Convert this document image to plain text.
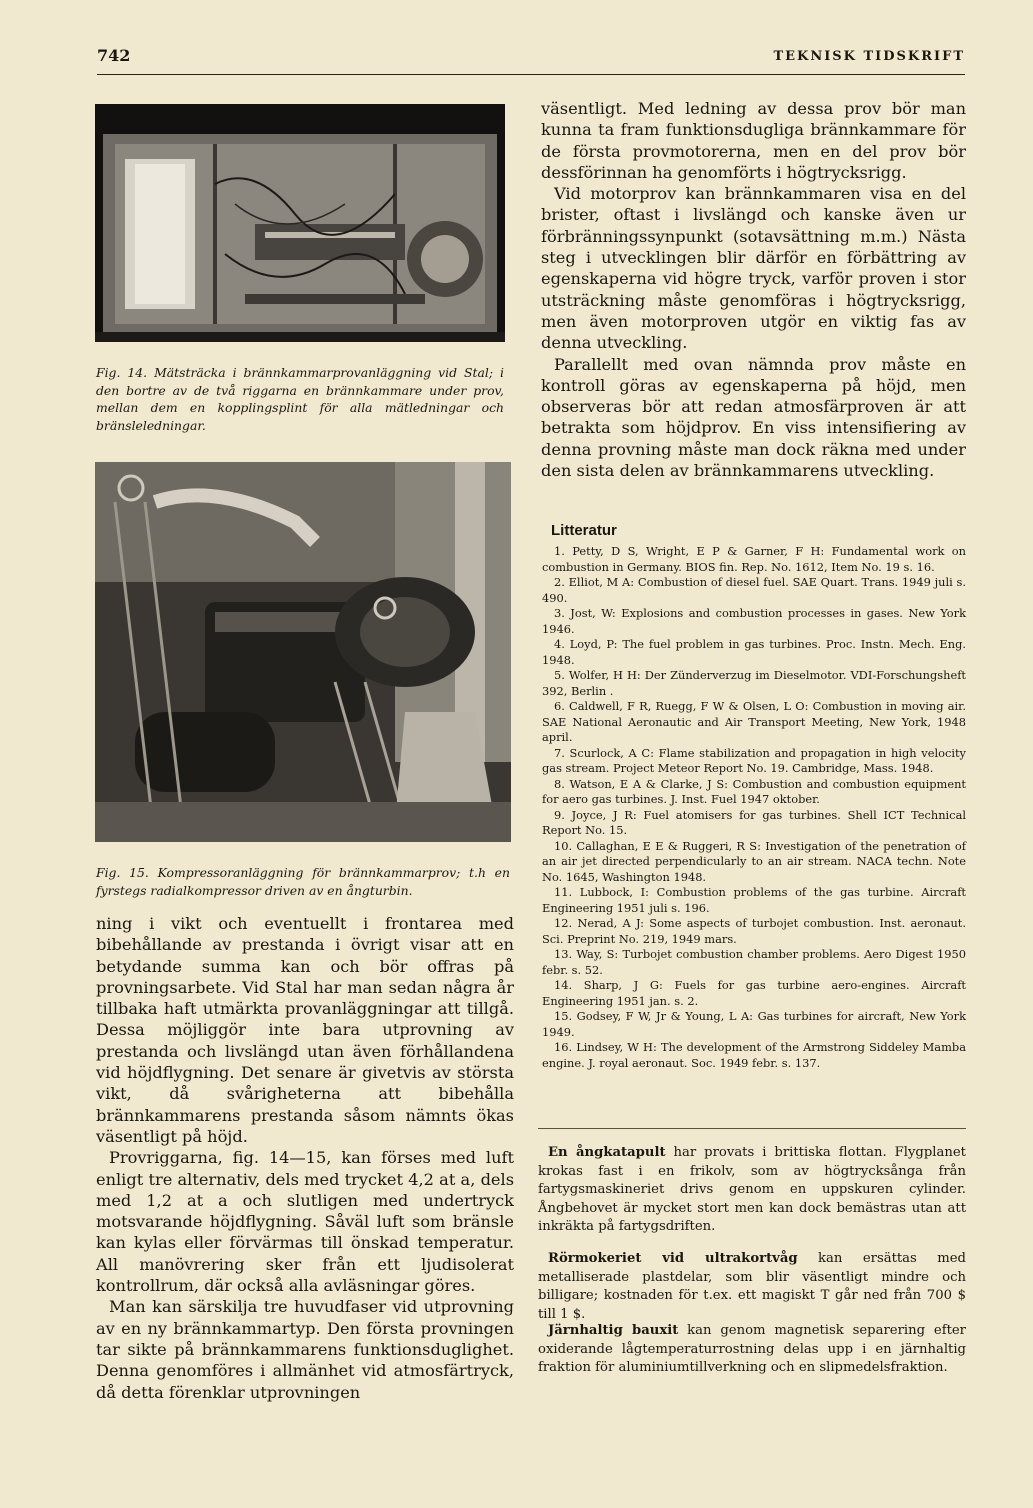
742	TEKNISK TIDSKRIFT
Fig. 14. Mätsträcka i brännkammarprovanläggning vid Stal; i den bortre av de två riggarna en brännkammare under prov, mellan dem en kopplingsplint för alla mätledningar och bränsleledningar.
Fig. 15. Kompressoranläggning för brännkammarprov; t.h en fyrstegs radialkompressor driven av en ångturbin.

ning i vikt och eventuellt i frontarea med bibehållande av prestanda i övrigt visar att en betydande summa kan och bör offras på provningsarbete. Vid Stal har man sedan några år tillbaka haft utmärkta provanläggningar att tillgå. Dessa möjliggör inte bara utprovning av prestanda och livslängd utan även förhållandena vid höjdflygning. Det senare är givetvis av största vikt, då svårigheterna att bibehålla brännkammarens prestanda såsom nämnts ökas väsentligt på höjd.

Provriggarna, fig. 14—15, kan förses med luft enligt tre alternativ, dels med trycket 4,2 at a, dels med 1,2 at a och slutligen med undertryck motsvarande höjdflygning. Såväl luft som bränsle kan kylas eller förvärmas till önskad temperatur. All manövrering sker från ett ljudisolerat kontrollrum, där också alla avläsningar göres.

Man kan särskilja tre huvudfaser vid utprovning av en ny brännkammartyp. Den första provningen tar sikte på brännkammarens funktionsduglighet. Denna genomföres i allmänhet vid atmosfärtryck, då detta förenklar utprovningen

väsentligt. Med ledning av dessa prov bör man kunna ta fram funktionsdugliga brännkammare för de första provmotorerna, men en del prov bör dessförinnan ha genomförts i högtrycksrigg.

Vid motorprov kan brännkammaren visa en del brister, oftast i livslängd och kanske även ur förbränningssynpunkt (sotavsättning m.m.) Nästa steg i utvecklingen blir därför en förbättring av egenskaperna vid högre tryck, varför proven i stor utsträckning måste genomföras i högtrycksrigg, men även motorproven utgör en viktig fas av denna utveckling.

Parallellt med ovan nämnda prov måste en kontroll göras av egenskaperna på höjd, men observeras bör att redan atmosfärproven är att betrakta som höjdprov. En viss intensifiering av denna provning måste man dock räkna med under den sista delen av brännkammarens utveckling.

Litteratur

1. Petty, D S, Wright, E P & Garner, F H: Fundamental work on combustion in Germany. BIOS fin. Rep. No. 1612, Item No. 19 s. 16.

2. Elliot, M A: Combustion of diesel fuel. SAE Quart. Trans. 1949 juli s. 490.

3. Jost, W: Explosions and combustion processes in gases. New York 1946.

4. Loyd, P: The fuel problem in gas turbines. Proc. Instn. Mech. Eng. 1948.

5. Wolfer, H H: Der Zünderverzug im Dieselmotor. VDI-Forschungsheft 392, Berlin .

6. Caldwell, F R, Ruegg, F W & Olsen, L O: Combustion in moving air. SAE National Aeronautic and Air Transport Meeting, New York, 1948 april.

7. Scurlock, A C: Flame stabilization and propagation in high velocity gas stream. Project Meteor Report No. 19. Cambridge, Mass. 1948.

8. Watson, E A & Clarke, J S: Combustion and combustion equipment for aero gas turbines. J. Inst. Fuel 1947 oktober.

9. Joyce, J R: Fuel atomisers for gas turbines. Shell ICT Technical Report No. 15.

10. Callaghan, E E & Ruggeri, R S: Investigation of the penetration of an air jet directed perpendicularly to an air stream. NACA techn. Note No. 1645, Washington 1948.

11. Lubbock, I: Combustion problems of the gas turbine. Aircraft Engineering 1951 juli s. 196.

12. Nerad, A J: Some aspects of turbojet combustion. Inst. aeronaut. Sci. Preprint No. 219, 1949 mars.

13. Way, S: Turbojet combustion chamber problems. Aero Digest 1950 febr. s. 52.

14. Sharp, J G: Fuels for gas turbine aero-engines. Aircraft Engineering 1951 jan. s. 2.

15. Godsey, F W, Jr & Young, L A: Gas turbines for aircraft, New York 1949.

16. Lindsey, W H: The development of the Armstrong Siddeley Mamba engine. J. royal aeronaut. Soc. 1949 febr. s. 137.

En ångkatapult har provats i brittiska flottan. Flygplanet krokas fast i en frikolv, som av högtrycksånga från fartygsmaskineriet drivs genom en uppskuren cylinder. Ångbehovet är mycket stort men kan dock bemästras utan att inkräkta på fartygsdriften.

Rörmokeriet vid ultrakortvåg kan ersättas med metalliserade plastdelar, som blir väsentligt mindre och billigare; kostnaden för t.ex. ett magiskt T går ned från 700 $ till 1 $.

Järnhaltig bauxit kan genom magnetisk separering efter oxiderande lågtemperaturrostning delas upp i en järnhaltig fraktion för aluminiumtillverkning och en slipmedelsfraktion.
